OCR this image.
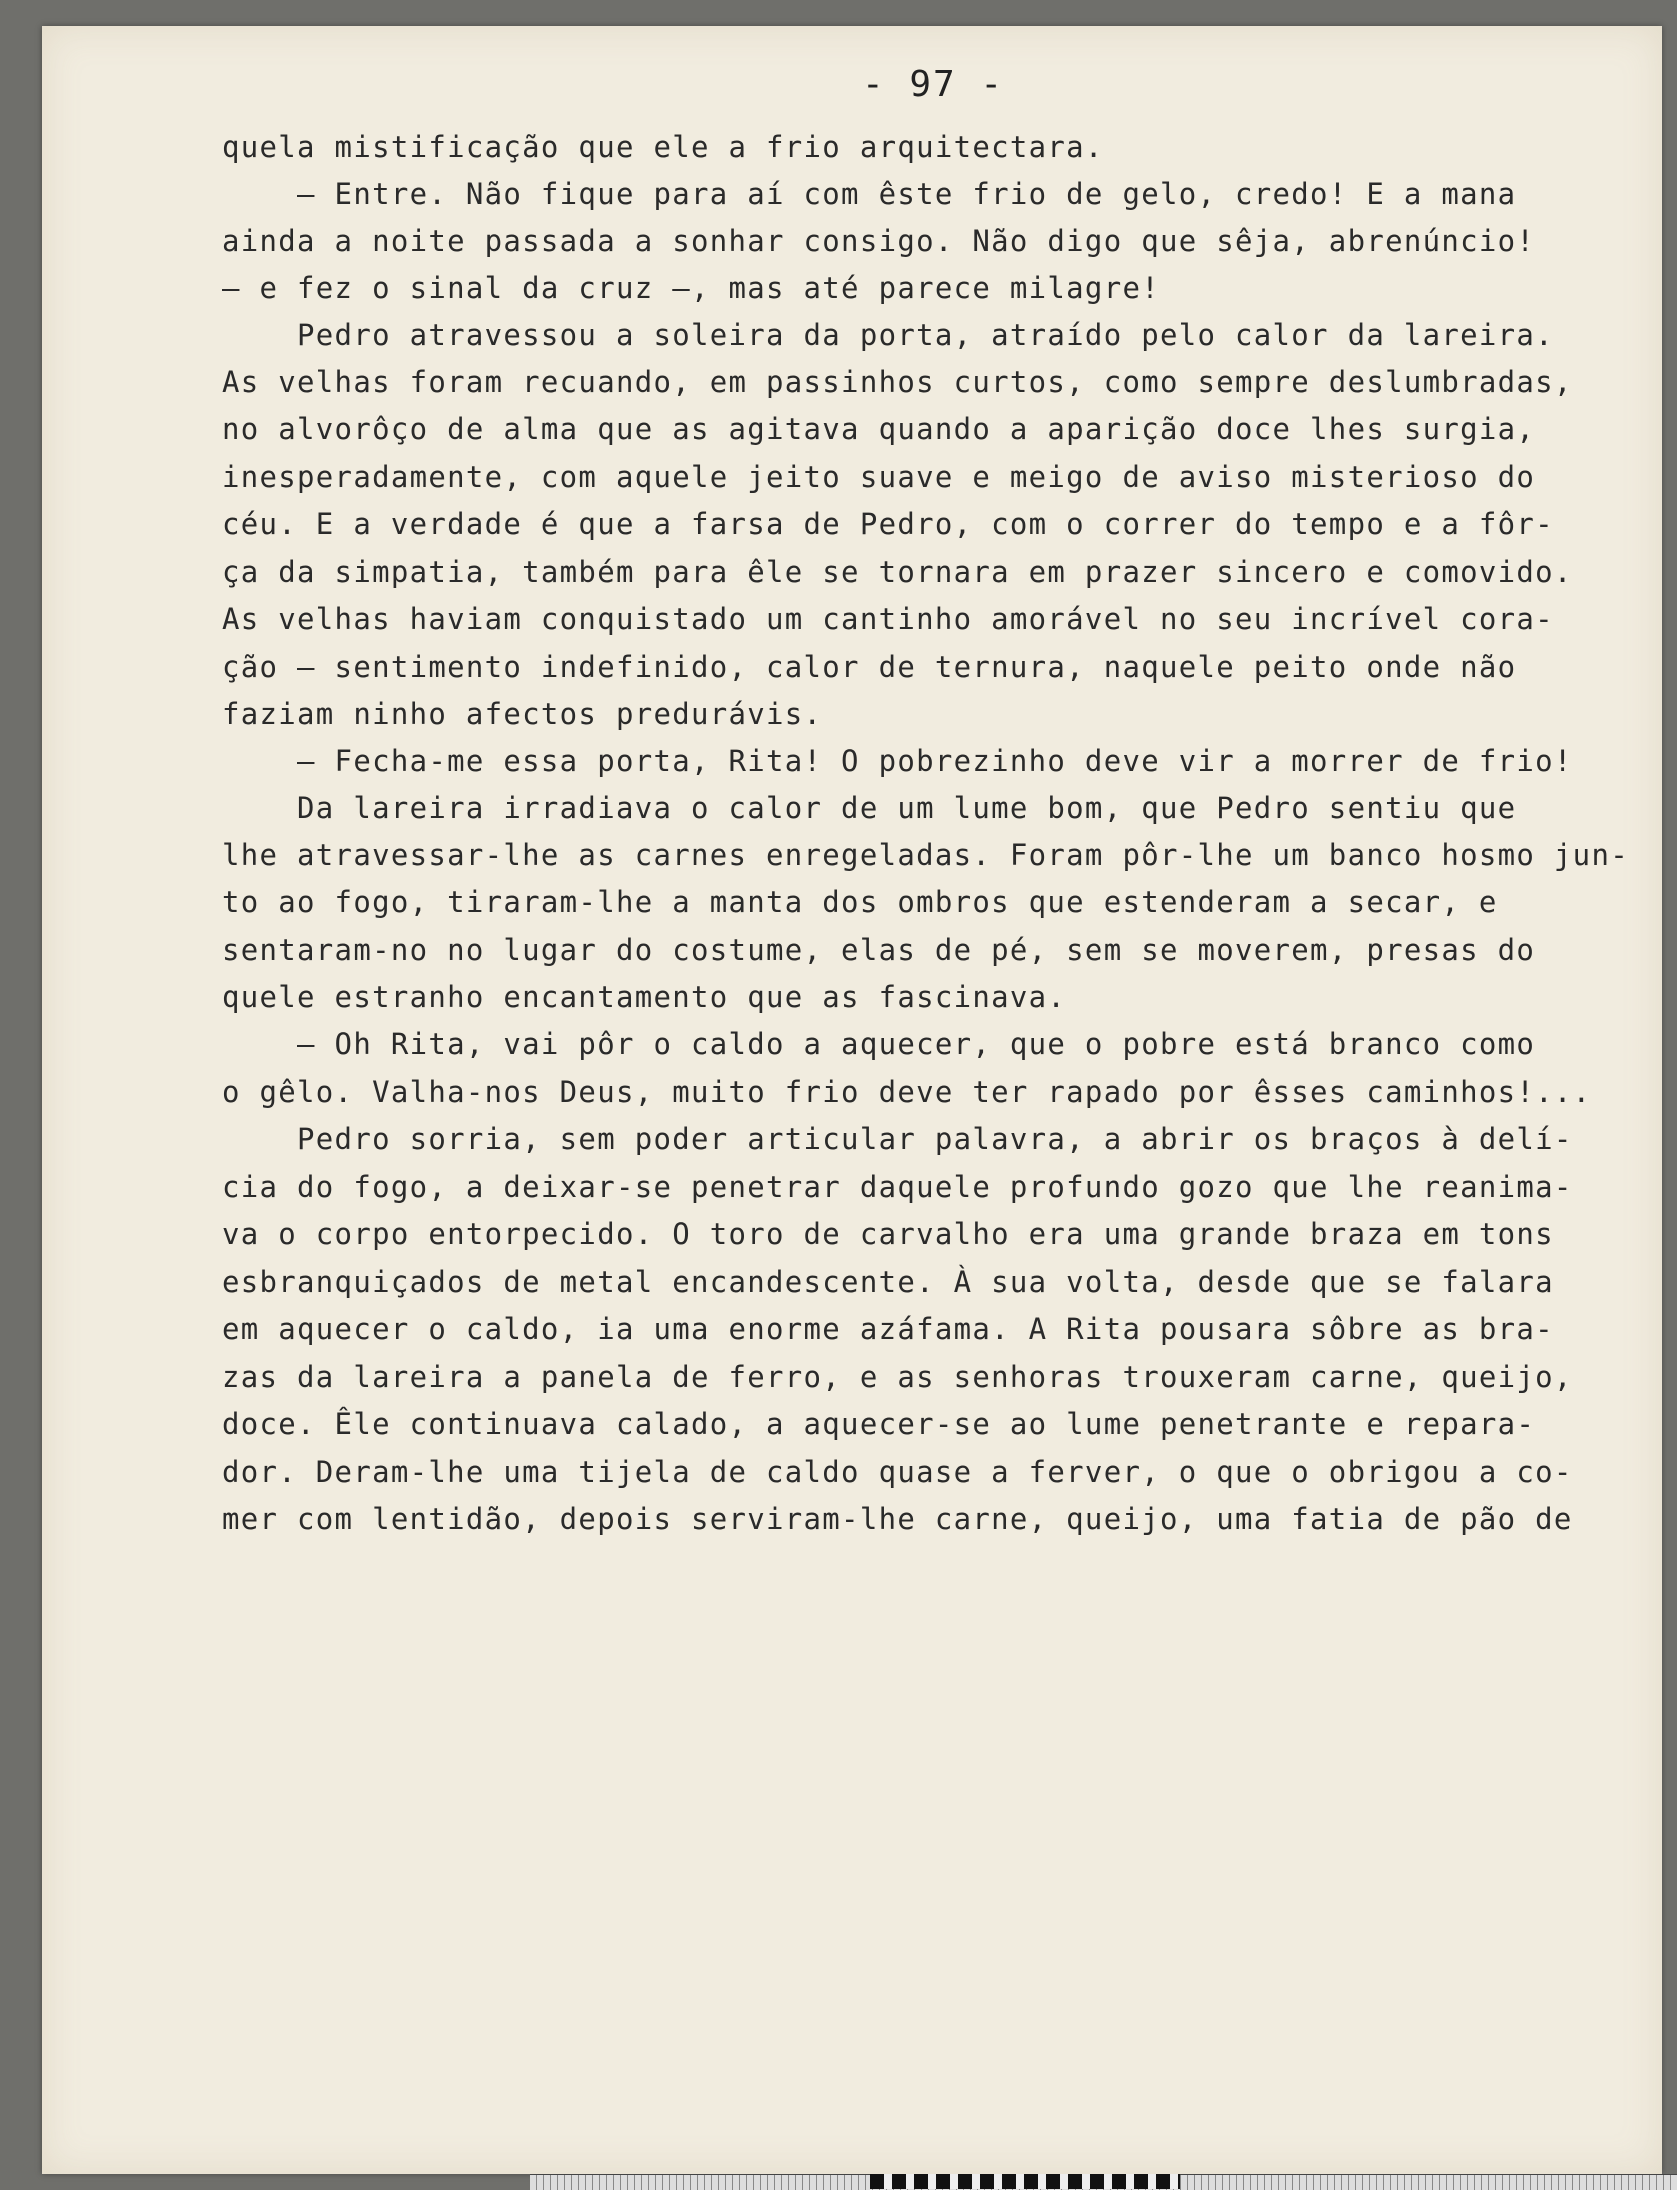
- 97 -
quela mistificação que ele a frio arquitectara.
— Entre. Não fique para aí com êste frio de gelo, credo! E a mana
ainda a noite passada a sonhar consigo. Não digo que sêja, abrenúncio!
— e fez o sinal da cruz —, mas até parece milagre!
Pedro atravessou a soleira da porta, atraído pelo calor da lareira.
As velhas foram recuando, em passinhos curtos, como sempre deslumbradas,
no alvorôço de alma que as agitava quando a aparição doce lhes surgia,
inesperadamente, com aquele jeito suave e meigo de aviso misterioso do
céu. E a verdade é que a farsa de Pedro, com o correr do tempo e a fôr-
ça da simpatia, também para êle se tornara em prazer sincero e comovido.
As velhas haviam conquistado um cantinho amorável no seu incrível cora-
ção — sentimento indefinido, calor de ternura, naquele peito onde não
faziam ninho afectos predurávis.
— Fecha-me essa porta, Rita! O pobrezinho deve vir a morrer de frio!
Da lareira irradiava o calor de um lume bom, que Pedro sentiu que
lhe atravessar-lhe as carnes enregeladas. Foram pôr-lhe um banco hosmo jun-
to ao fogo, tiraram-lhe a manta dos ombros que estenderam a secar, e
sentaram-no no lugar do costume, elas de pé, sem se moverem, presas do
quele estranho encantamento que as fascinava.
— Oh Rita, vai pôr o caldo a aquecer, que o pobre está branco como
o gêlo. Valha-nos Deus, muito frio deve ter rapado por êsses caminhos!...
Pedro sorria, sem poder articular palavra, a abrir os braços à delí-
cia do fogo, a deixar-se penetrar daquele profundo gozo que lhe reanima-
va o corpo entorpecido. O toro de carvalho era uma grande braza em tons
esbranquiçados de metal encandescente. À sua volta, desde que se falara
em aquecer o caldo, ia uma enorme azáfama. A Rita pousara sôbre as bra-
zas da lareira a panela de ferro, e as senhoras trouxeram carne, queijo,
doce. Êle continuava calado, a aquecer-se ao lume penetrante e repara-
dor. Deram-lhe uma tijela de caldo quase a ferver, o que o obrigou a co-
mer com lentidão, depois serviram-lhe carne, queijo, uma fatia de pão de
